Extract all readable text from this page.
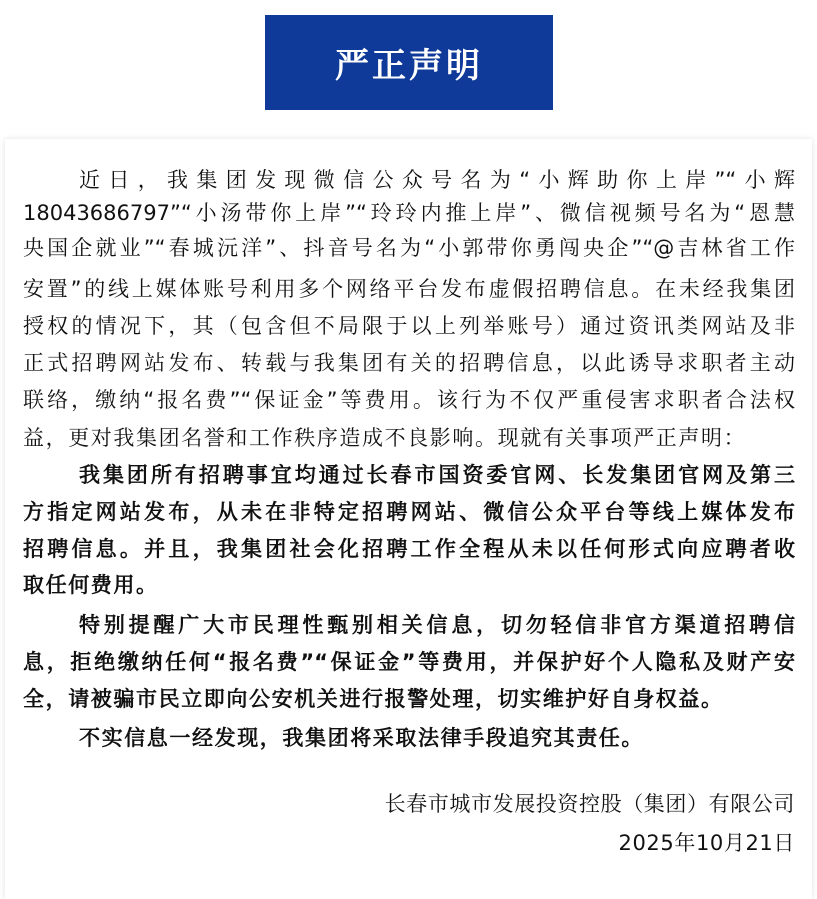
严正声明
近日，我集团发现微信公众号名为“小辉助你上岸”“小辉
18043686797”“小汤带你上岸”“玲玲内推上岸”、微信视频号名为“恩慧
央国企就业”“春城沅洋”、抖音号名为“小郭带你勇闯央企”“@吉林省工作
安置”的线上媒体账号利用多个网络平台发布虚假招聘信息。在未经我集团
授权的情况下，其（包含但不局限于以上列举账号）通过资讯类网站及非
正式招聘网站发布、转载与我集团有关的招聘信息，以此诱导求职者主动
联络，缴纳“报名费”“保证金”等费用。该行为不仅严重侵害求职者合法权
益，更对我集团名誉和工作秩序造成不良影响。现就有关事项严正声明：
我集团所有招聘事宜均通过长春市国资委官网、长发集团官网及第三
方指定网站发布，从未在非特定招聘网站、微信公众平台等线上媒体发布
招聘信息。并且，我集团社会化招聘工作全程从未以任何形式向应聘者收
取任何费用。
特别提醒广大市民理性甄别相关信息，切勿轻信非官方渠道招聘信
息，拒绝缴纳任何“报名费”“保证金”等费用，并保护好个人隐私及财产安
全，请被骗市民立即向公安机关进行报警处理，切实维护好自身权益。
不实信息一经发现，我集团将采取法律手段追究其责任。
长春市城市发展投资控股（集团）有限公司
2025年10月21日
